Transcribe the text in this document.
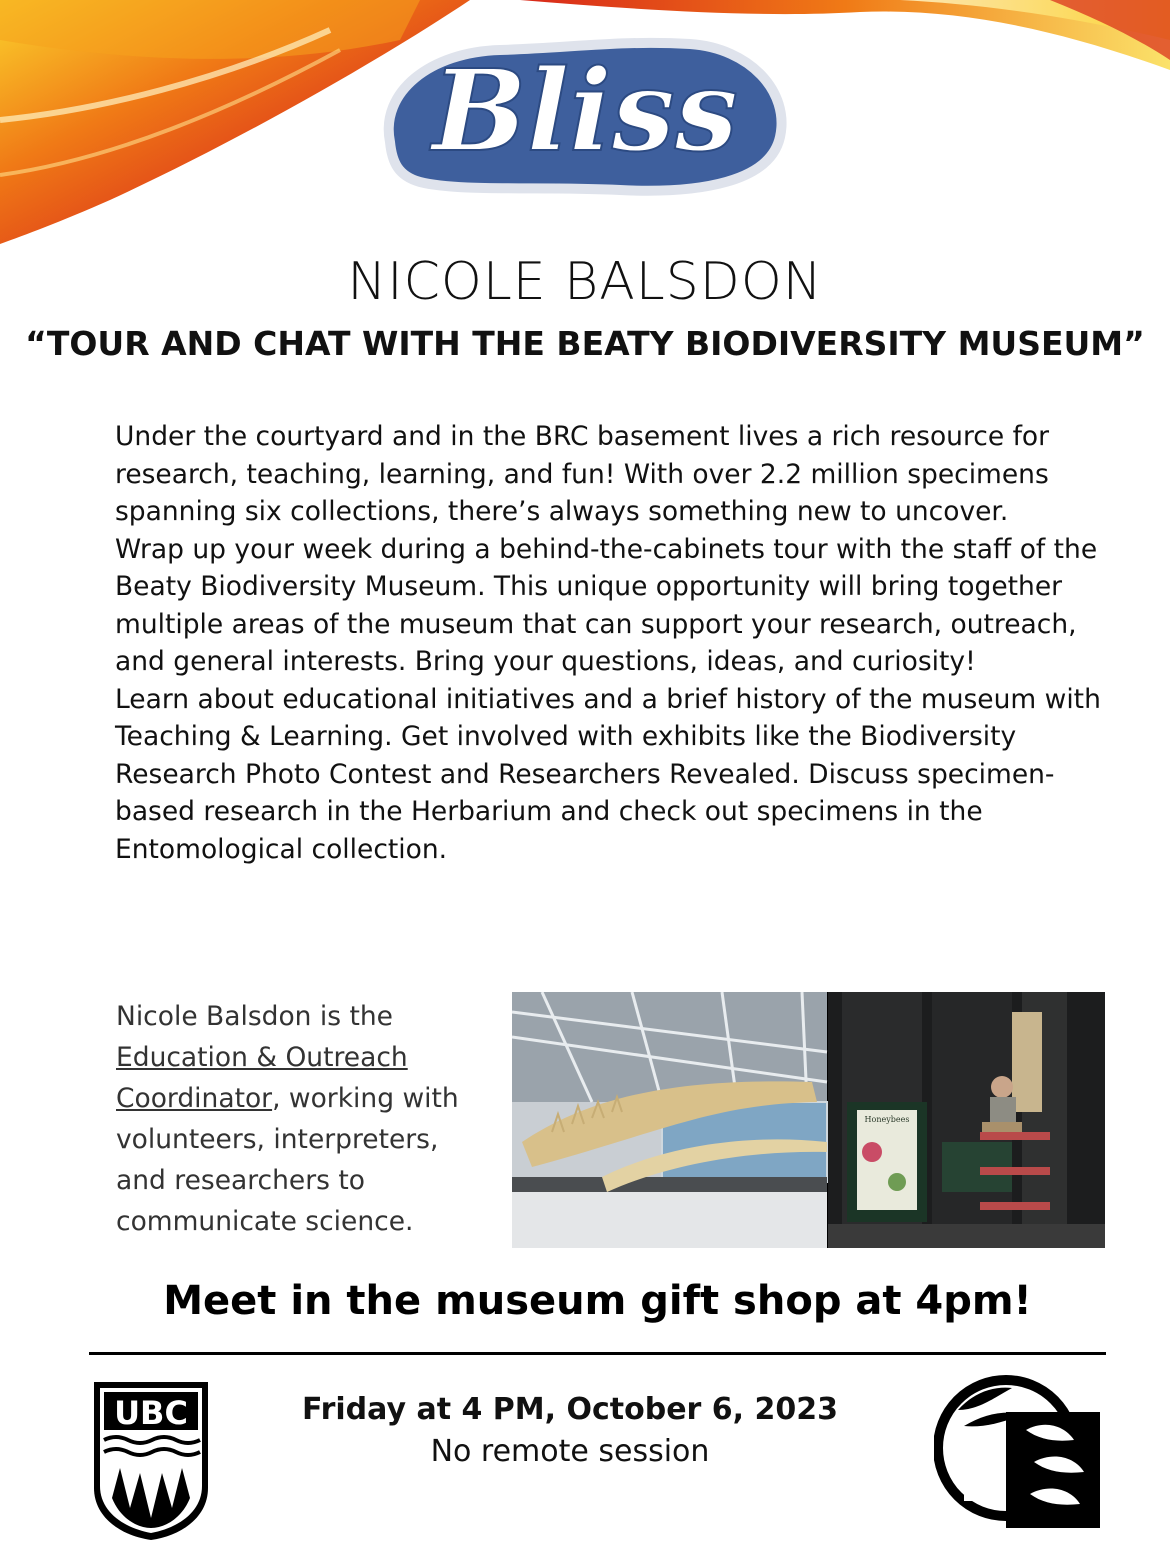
Bliss
NICOLE BALSDON
“TOUR AND CHAT WITH THE BEATY BIODIVERSITY MUSEUM”

Under the courtyard and in the BRC basement lives a rich resource for research, teaching, learning, and fun! With over 2.2 million specimens spanning six collections, there’s always something new to uncover.

Wrap up your week during a behind-the-cabinets tour with the staff of the Beaty Biodiversity Museum. This unique opportunity will bring together multiple areas of the museum that can support your research, outreach, and general interests. Bring your questions, ideas, and curiosity!

Learn about educational initiatives and a brief history of the museum with Teaching & Learning. Get involved with exhibits like the Biodiversity Research Photo Contest and Researchers Revealed. Discuss specimen-based research in the Herbarium and check out specimens in the Entomological collection.

Nicole Balsdon is the Education & Outreach Coordinator, working with volunteers, interpreters, and researchers to communicate science.
Honeybees
Meet in the museum gift shop at 4pm!
UBC	Friday at 4 PM, October 6, 2023
No remote session
